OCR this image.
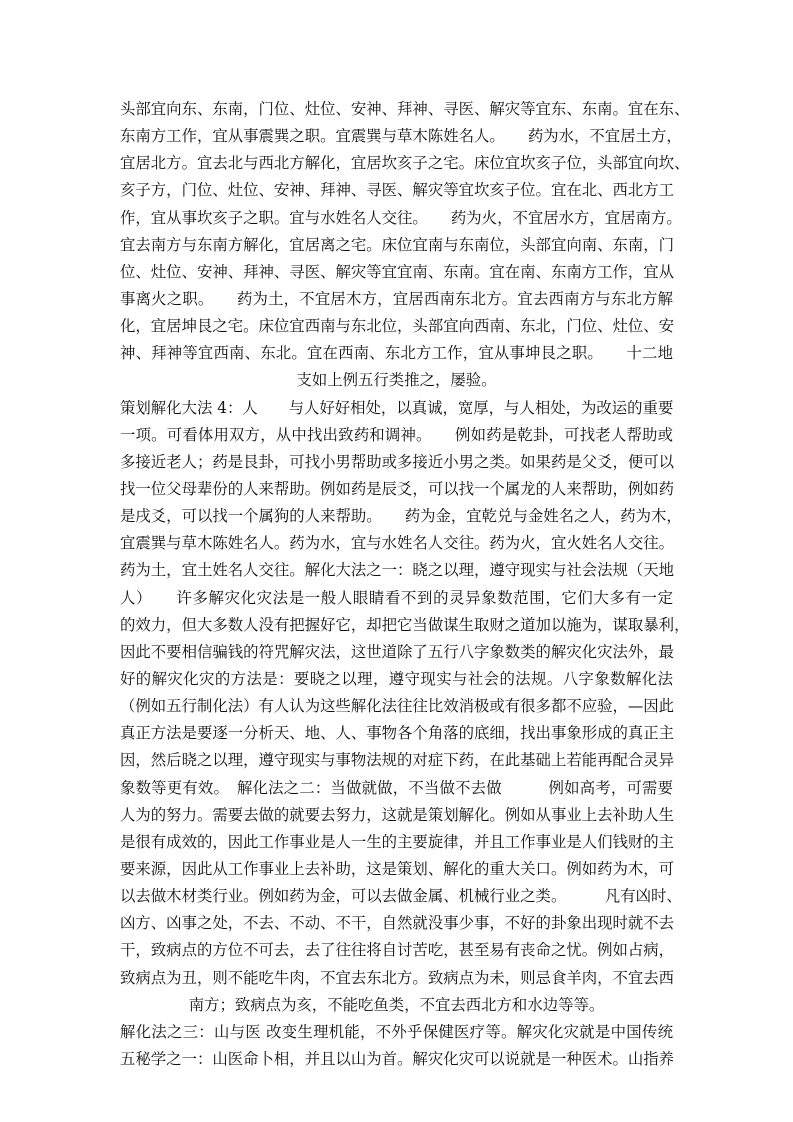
头部宜向东、东南，门位、灶位、安神、拜神、寻医、解灾等宜东、东南。宜在东、
东南方工作，宜从事震巽之职。宜震巽与草木陈姓名人。　　药为水，不宜居土方，
宜居北方。宜去北与西北方解化，宜居坎亥子之宅。床位宜坎亥子位，头部宜向坎、
亥子方，门位、灶位、安神、拜神、寻医、解灾等宜坎亥子位。宜在北、西北方工
作，宜从事坎亥子之职。宜与水姓名人交往。　　药为火，不宜居水方，宜居南方。
宜去南方与东南方解化，宜居离之宅。床位宜南与东南位，头部宜向南、东南，门
位、灶位、安神、拜神、寻医、解灾等宜宜南、东南。宜在南、东南方工作，宜从
事离火之职。　　药为土，不宜居木方，宜居西南东北方。宜去西南方与东北方解
化，宜居坤艮之宅。床位宜西南与东北位，头部宜向西南、东北，门位、灶位、安
神、拜神等宜西南、东北。宜在西南、东北方工作，宜从事坤艮之职。　　十二地
支如上例五行类推之，屡验。
策划解化大法 4：人　　与人好好相处，以真诚，宽厚，与人相处，为改运的重要
一项。可看体用双方，从中找出致药和调神。　　例如药是乾卦，可找老人帮助或
多接近老人；药是艮卦，可找小男帮助或多接近小男之类。如果药是父爻，便可以
找一位父母辈份的人来帮助。例如药是辰爻，可以找一个属龙的人来帮助，例如药
是戌爻，可以找一个属狗的人来帮助。　　药为金，宜乾兑与金姓名之人，药为木，
宜震巽与草木陈姓名人。药为水，宜与水姓名人交往。药为火，宜火姓名人交往。
药为土，宜土姓名人交往。解化大法之一：晓之以理，遵守现实与社会法规（天地
人）　　许多解灾化灾法是一般人眼睛看不到的灵异象数范围，它们大多有一定
的效力，但大多数人没有把握好它，却把它当做谋生取财之道加以施为，谋取暴利，
因此不要相信骗钱的符咒解灾法，这世道除了五行八字象数类的解灾化灾法外，最
好的解灾化灾的方法是：要晓之以理，遵守现实与社会的法规。八字象数解化法
（例如五行制化法）有人认为这些解化法往往比效消极或有很多都不应验，—因此
真正方法是要逐一分析天、地、人、事物各个角落的底细，找出事象形成的真正主
因，然后晓之以理，遵守现实与事物法规的对症下药，在此基础上若能再配合灵异
象数等更有效。　解化法之二：当做就做，不当做不去做　　　例如高考，可需要
人为的努力。需要去做的就要去努力，这就是策划解化。例如从事业上去补助人生
是很有成效的，因此工作事业是人一生的主要旋律，并且工作事业是人们钱财的主
要来源，因此从工作事业上去补助，这是策划、解化的重大关口。例如药为木，可
以去做木材类行业。例如药为金，可以去做金属、机械行业之类。　　　凡有凶时、
凶方、凶事之处，不去、不动、不干，自然就没事少事，不好的卦象出现时就不去
干，致病点的方位不可去，去了往往将自讨苦吃，甚至易有丧命之忧。例如占病，
致病点为丑，则不能吃牛肉，不宜去东北方。致病点为未，则忌食羊肉，不宜去西
南方；致病点为亥，不能吃鱼类，不宜去西北方和水边等等。
解化法之三：山与医 改变生理机能，不外乎保健医疗等。解灾化灾就是中国传统
五秘学之一：山医命卜相，并且以山为首。解灾化灾可以说就是一种医术。山指养
